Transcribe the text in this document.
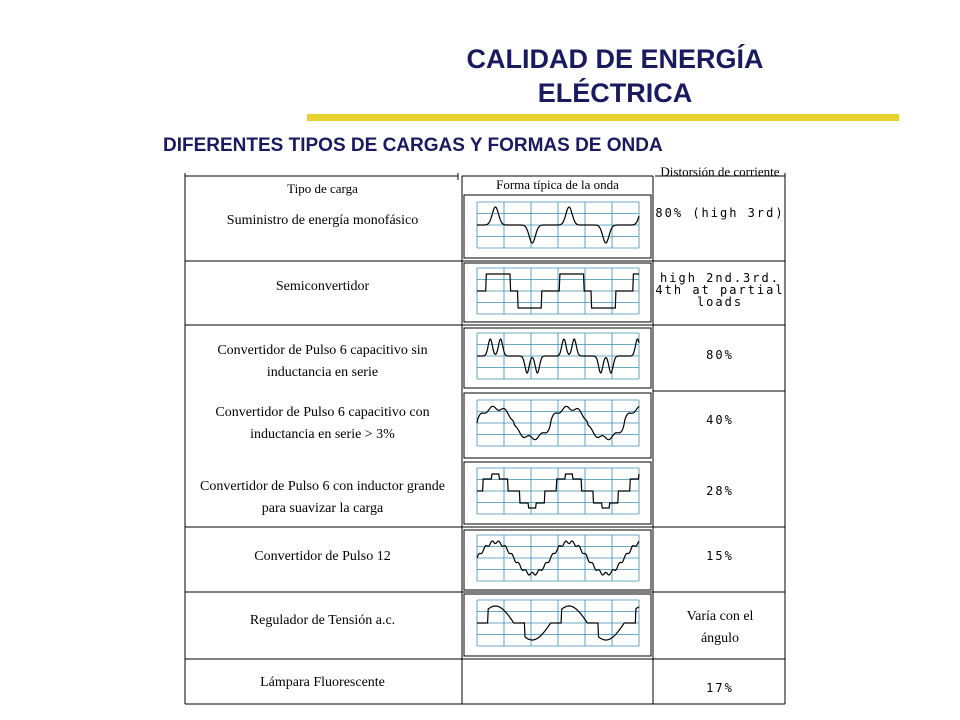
CALIDAD DE ENERGÍA
ELÉCTRICA
DIFERENTES TIPOS DE CARGAS Y FORMAS DE ONDA
Tipo de carga	Forma típica de la onda
Distorsión de corriente
Suministro de energía monofásico
Semiconvertidor
Convertidor de Pulso 6 capacitivo sin inductancia en serie
Convertidor de Pulso 6 capacitivo con inductancia en serie > 3%
Convertidor de Pulso 6 con inductor grande para suavizar la carga
Convertidor de Pulso 12
Regulador de Tensión a.c.
Lámpara Fluorescente
80% (high 3rd)
high 2nd.3rd. 4th at partial loads
80%
40%
28%
15%
Varía con el ángulo
17%
